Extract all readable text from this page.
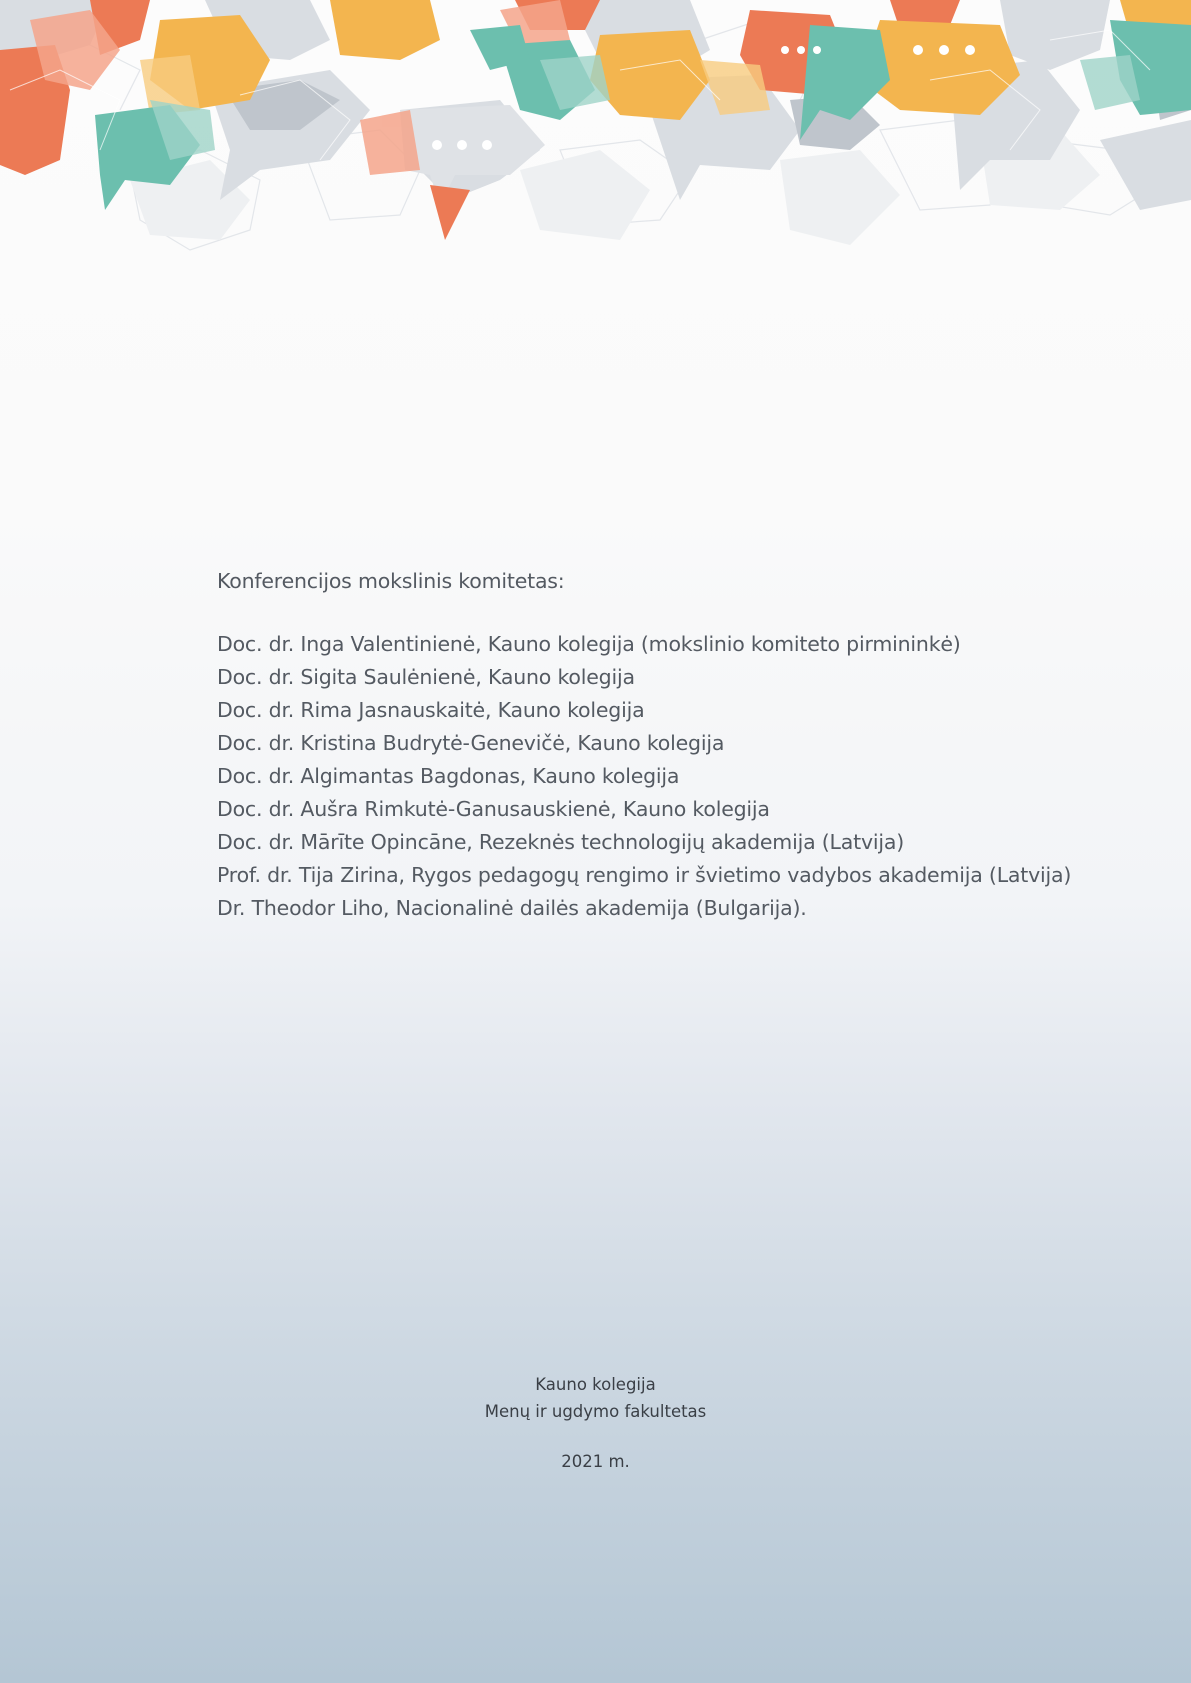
Konferencijos mokslinis komitetas:
Doc. dr. Inga Valentinienė, Kauno kolegija (mokslinio komiteto pirmininkė)
Doc. dr. Sigita Saulėnienė, Kauno kolegija
Doc. dr. Rima Jasnauskaitė, Kauno kolegija
Doc. dr. Kristina Budrytė-Genevičė, Kauno kolegija
Doc. dr. Algimantas Bagdonas, Kauno kolegija
Doc. dr. Aušra Rimkutė-Ganusauskienė, Kauno kolegija
Doc. dr. Mārīte Opincāne, Rezeknės technologijų akademija (Latvija)
Prof. dr. Tija Zirina, Rygos pedagogų rengimo ir švietimo vadybos akademija (Latvija)
Dr. Theodor Liho, Nacionalinė dailės akademija (Bulgarija).
Kauno kolegija
Menų ir ugdymo fakultetas
2021 m.
